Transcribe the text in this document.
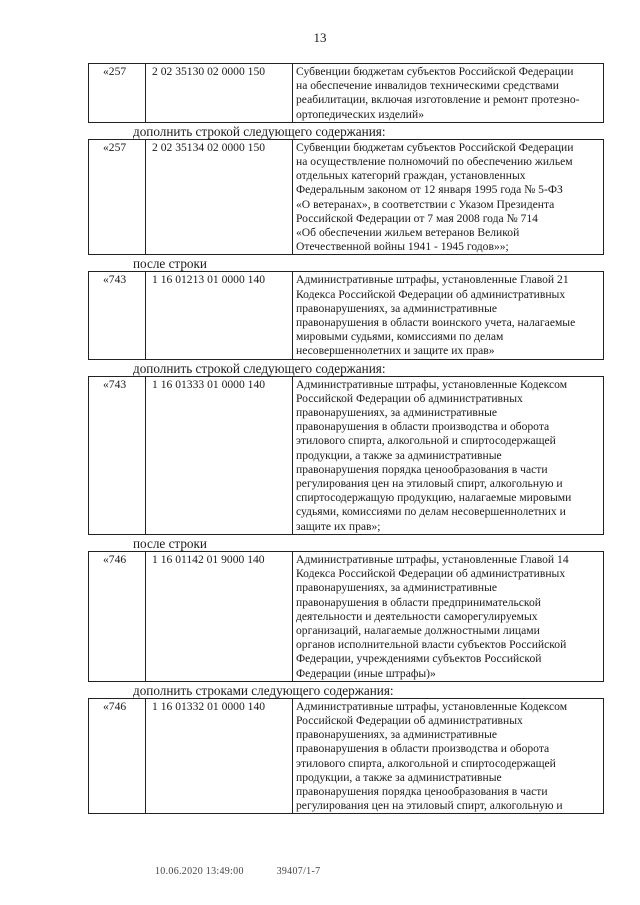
13
«257	2 02 35130 02 0000 150	Субвенции бюджетам субъектов Российской Федерации
на обеспечение инвалидов техническими средствами
реабилитации, включая изготовление и ремонт протезно-
ортопедических изделий»
дополнить строкой следующего содержания:
«257	2 02 35134 02 0000 150	Субвенции бюджетам субъектов Российской Федерации
на осуществление полномочий по обеспечению жильем
отдельных категорий граждан, установленных
Федеральным законом от 12 января 1995 года № 5-ФЗ
«О ветеранах», в соответствии с Указом Президента
Российской Федерации от 7 мая 2008 года № 714
«Об обеспечении жильем ветеранов Великой
Отечественной войны 1941 - 1945 годов»»;
после строки
«743	1 16 01213 01 0000 140	Административные штрафы, установленные Главой 21
Кодекса Российской Федерации об административных
правонарушениях, за административные
правонарушения в области воинского учета, налагаемые
мировыми судьями, комиссиями по делам
несовершеннолетних и защите их прав»
дополнить строкой следующего содержания:
«743	1 16 01333 01 0000 140	Административные штрафы, установленные Кодексом
Российской Федерации об административных
правонарушениях, за административные
правонарушения в области производства и оборота
этилового спирта, алкогольной и спиртосодержащей
продукции, а также за административные
правонарушения порядка ценообразования в части
регулирования цен на этиловый спирт, алкогольную и
спиртосодержащую продукцию, налагаемые мировыми
судьями, комиссиями по делам несовершеннолетних и
защите их прав»;
после строки
«746	1 16 01142 01 9000 140	Административные штрафы, установленные Главой 14
Кодекса Российской Федерации об административных
правонарушениях, за административные
правонарушения в области предпринимательской
деятельности и деятельности саморегулируемых
организаций, налагаемые должностными лицами
органов исполнительной власти субъектов Российской
Федерации, учреждениями субъектов Российской
Федерации (иные штрафы)»
дополнить строками следующего содержания:
«746	1 16 01332 01 0000 140	Административные штрафы, установленные Кодексом
Российской Федерации об административных
правонарушениях, за административные
правонарушения в области производства и оборота
этилового спирта, алкогольной и спиртосодержащей
продукции, а также за административные
правонарушения порядка ценообразования в части
регулирования цен на этиловый спирт, алкогольную и
10.06.2020 13:49:00	39407/1-7
